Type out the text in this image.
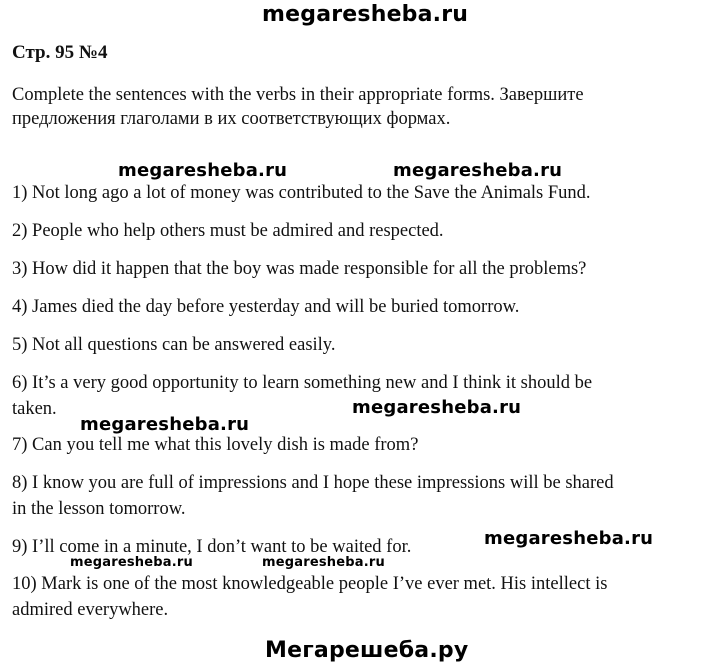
megaresheba.ru
Стр. 95 №4
Complete the sentences with the verbs in their appropriate forms. Завершите
предложения глаголами в их соответствующих формах.
megaresheba.ru	megaresheba.ru
1) Not long ago a lot of money was contributed to the Save the Animals Fund.
2) People who help others must be admired and respected.
3) How did it happen that the boy was made responsible for all the problems?
4) James died the day before yesterday and will be buried tomorrow.
5) Not all questions can be answered easily.
6) It’s a very good opportunity to learn something new and I think it should be
taken.
megaresheba.ru
megaresheba.ru
7) Can you tell me what this lovely dish is made from?
8) I know you are full of impressions and I hope these impressions will be shared
in the lesson tomorrow.
9) I’ll come in a minute, I don’t want to be waited for.	megaresheba.ru
megaresheba.ru	megaresheba.ru
10) Mark is one of the most knowledgeable people I’ve ever met. His intellect is
admired everywhere.
Мегарешеба.ру
